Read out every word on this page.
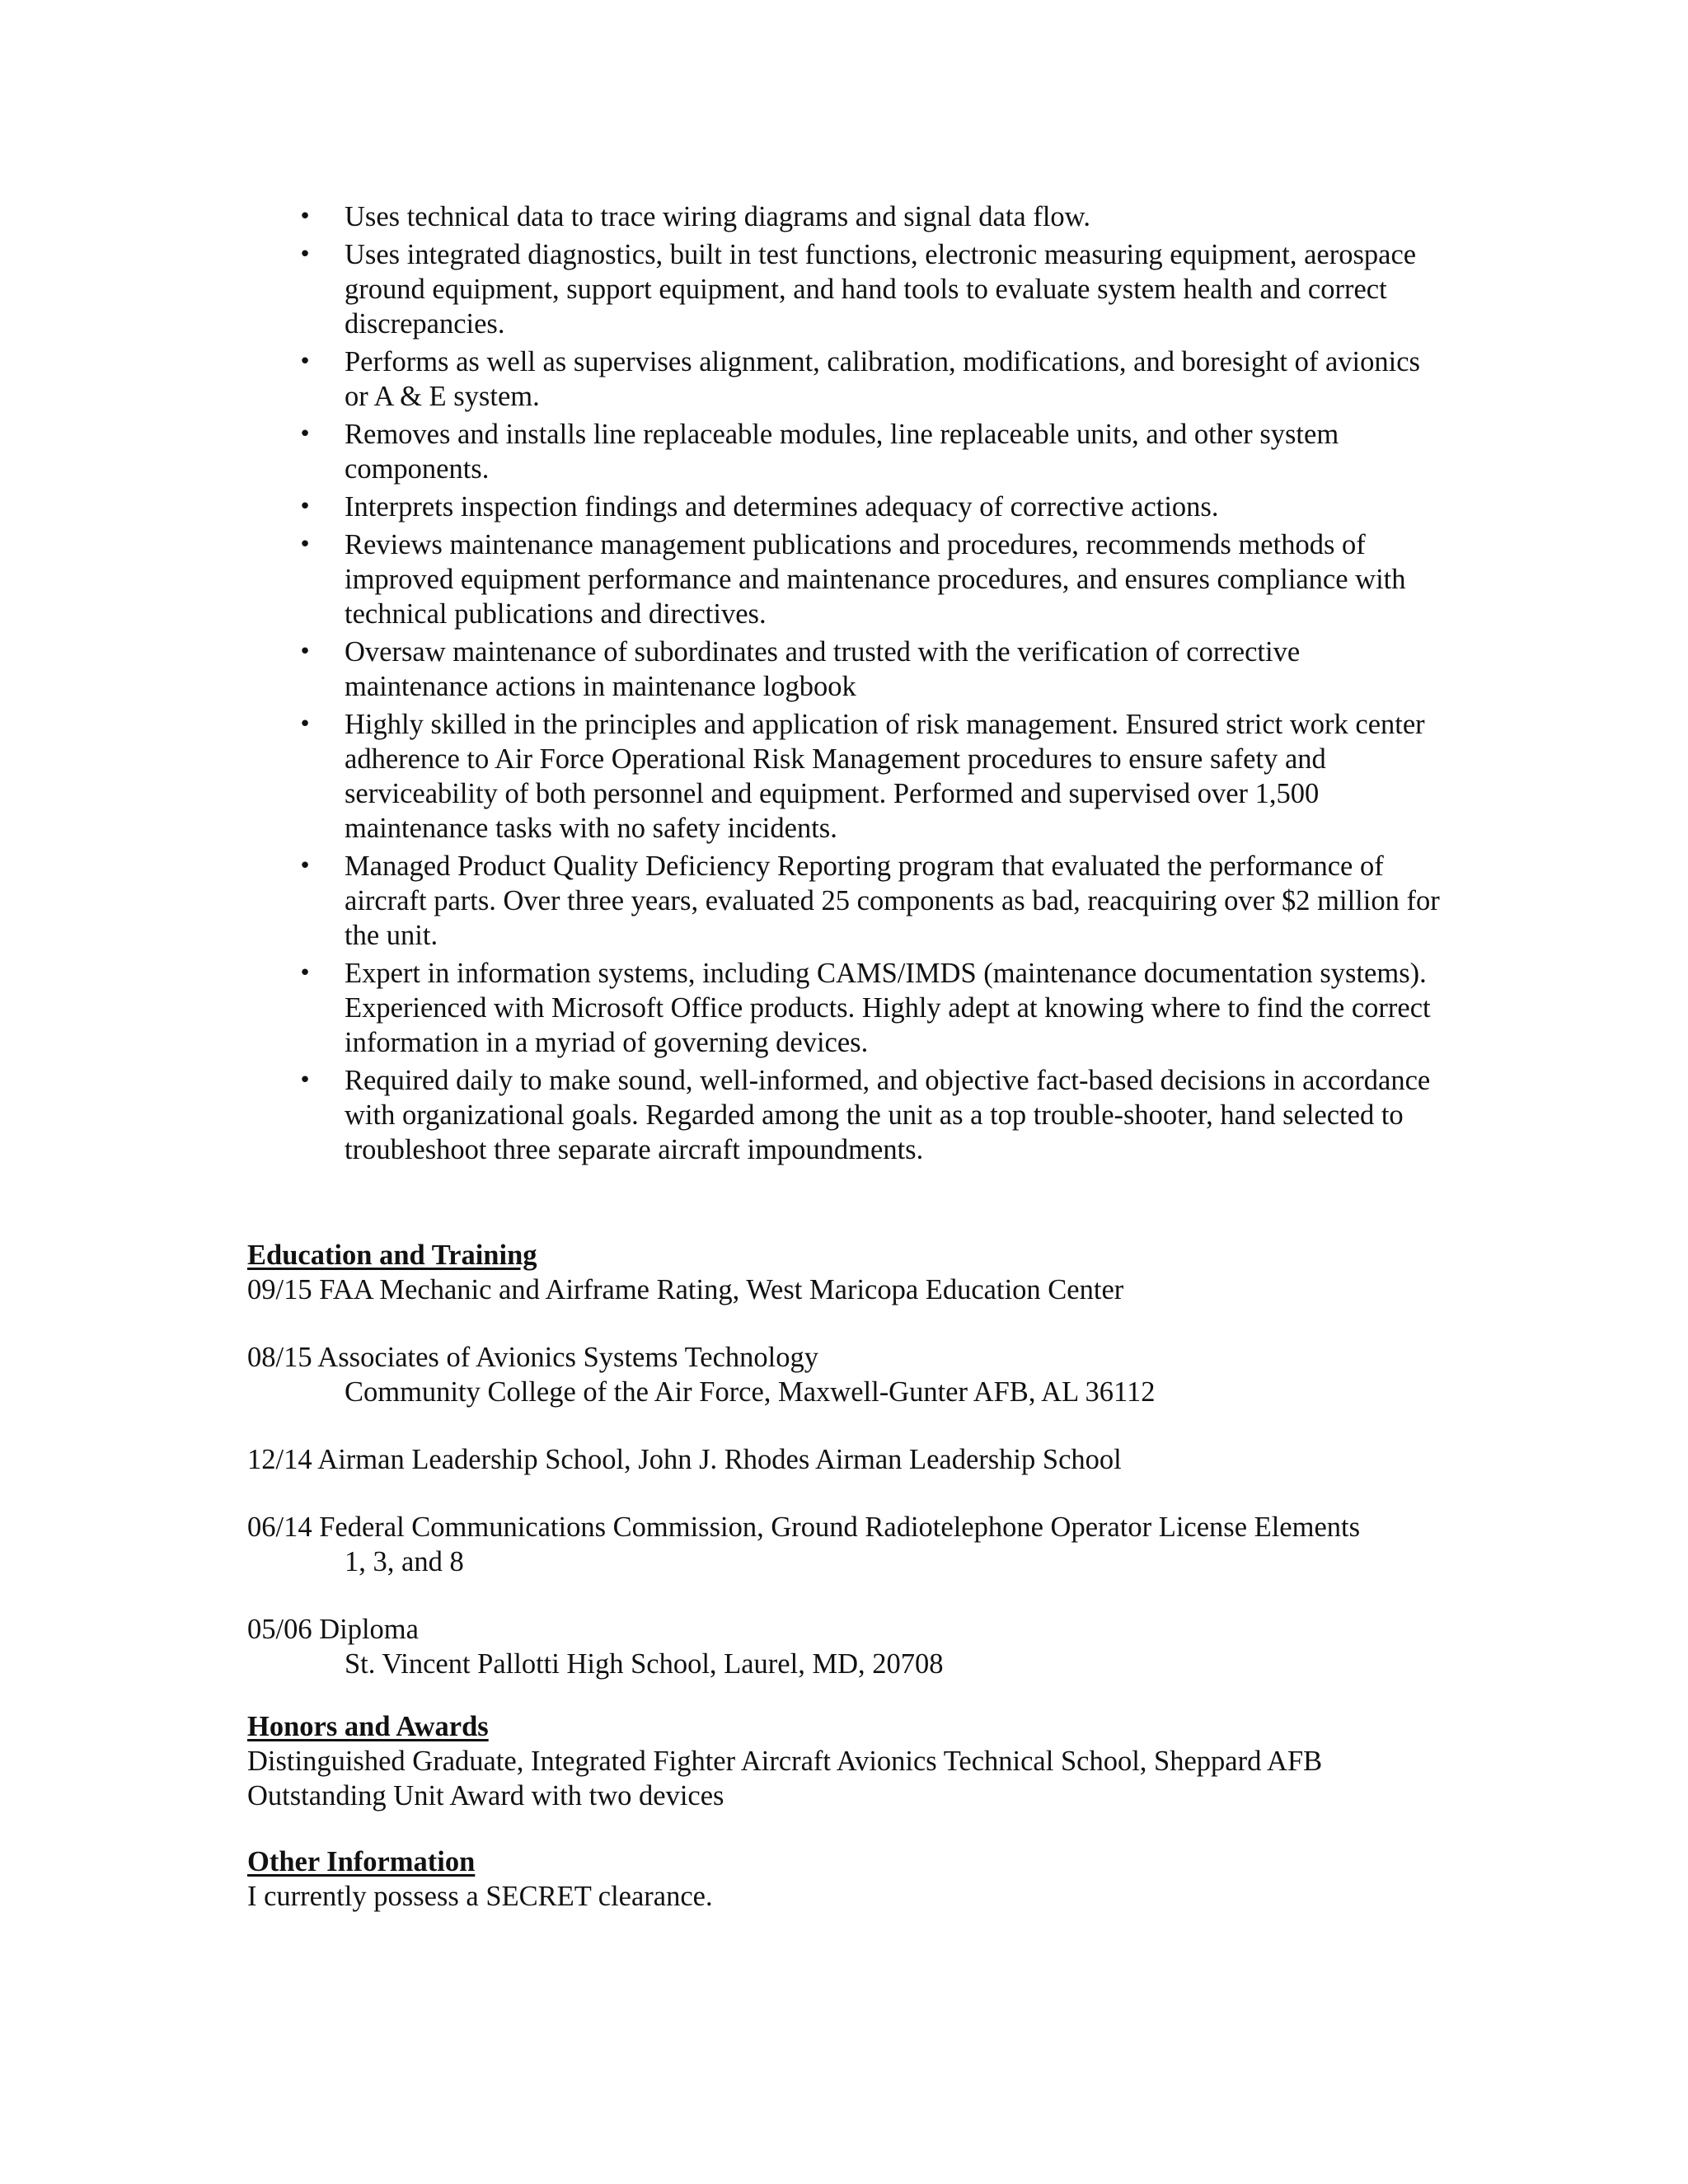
• Uses technical data to trace wiring diagrams and signal data flow.
• Uses integrated diagnostics, built in test functions, electronic measuring equipment, aerospace ground equipment, support equipment, and hand tools to evaluate system health and correct discrepancies.
• Performs as well as supervises alignment, calibration, modifications, and boresight of avionics or A & E system.
• Removes and installs line replaceable modules, line replaceable units, and other system components.
• Interprets inspection findings and determines adequacy of corrective actions.
• Reviews maintenance management publications and procedures, recommends methods of improved equipment performance and maintenance procedures, and ensures compliance with technical publications and directives.
• Oversaw maintenance of subordinates and trusted with the verification of corrective maintenance actions in maintenance logbook
• Highly skilled in the principles and application of risk management. Ensured strict work center adherence to Air Force Operational Risk Management procedures to ensure safety and serviceability of both personnel and equipment. Performed and supervised over 1,500 maintenance tasks with no safety incidents.
• Managed Product Quality Deficiency Reporting program that evaluated the performance of aircraft parts. Over three years, evaluated 25 components as bad, reacquiring over $2 million for the unit.
• Expert in information systems, including CAMS/IMDS (maintenance documentation systems). Experienced with Microsoft Office products. Highly adept at knowing where to find the correct information in a myriad of governing devices.
• Required daily to make sound, well-informed, and objective fact-based decisions in accordance with organizational goals. Regarded among the unit as a top trouble-shooter, hand selected to troubleshoot three separate aircraft impoundments.

Education and Training

09/15 FAA Mechanic and Airframe Rating, West Maricopa Education Center

08/15 Associates of Avionics Systems Technology

Community College of the Air Force, Maxwell-Gunter AFB, AL 36112

12/14 Airman Leadership School, John J. Rhodes Airman Leadership School

06/14 Federal Communications Commission, Ground Radiotelephone Operator License Elements

1, 3, and 8

05/06 Diploma

St. Vincent Pallotti High School, Laurel, MD, 20708

Honors and Awards

Distinguished Graduate, Integrated Fighter Aircraft Avionics Technical School, Sheppard AFB

Outstanding Unit Award with two devices

Other Information

I currently possess a SECRET clearance.
